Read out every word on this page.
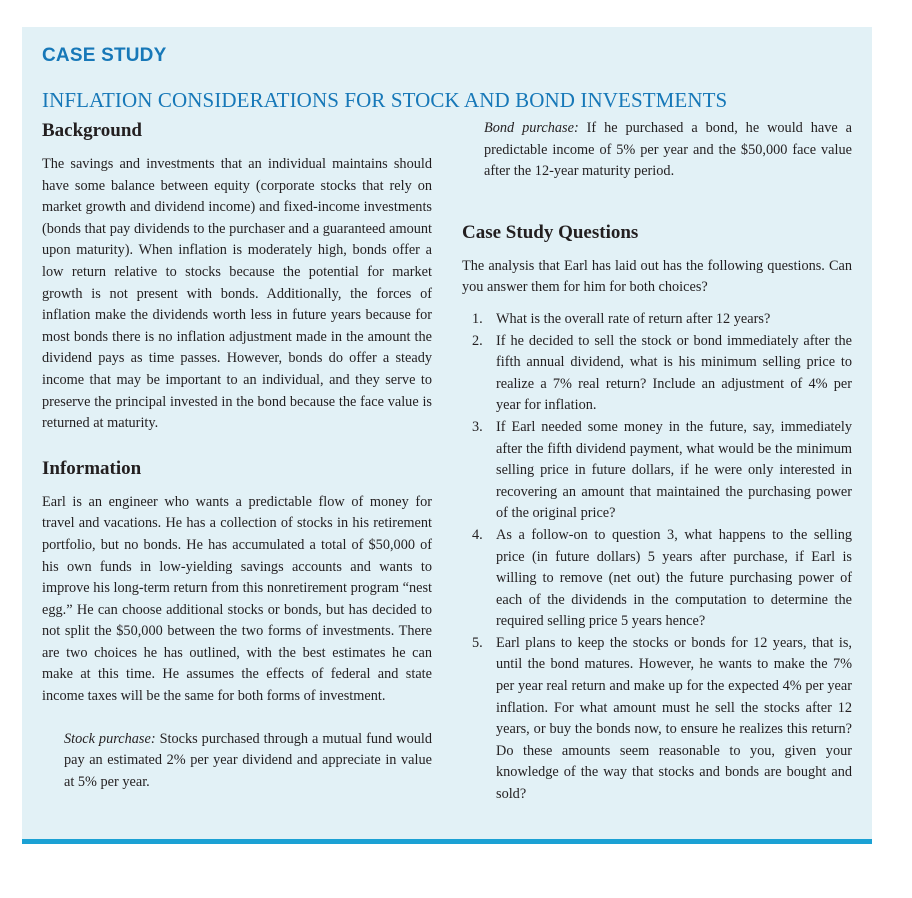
CASE STUDY
INFLATION CONSIDERATIONS FOR STOCK AND BOND INVESTMENTS
Background

The savings and investments that an individual maintains should have some balance between equity (corporate stocks that rely on market growth and dividend income) and fixed-income investments (bonds that pay dividends to the purchaser and a guaranteed amount upon maturity). When inflation is moderately high, bonds offer a low return relative to stocks because the potential for market growth is not present with bonds. Additionally, the forces of inflation make the dividends worth less in future years because for most bonds there is no inflation adjustment made in the amount the dividend pays as time passes. However, bonds do offer a steady income that may be important to an individual, and they serve to preserve the principal invested in the bond because the face value is returned at maturity.

Information

Earl is an engineer who wants a predictable flow of money for travel and vacations. He has a collection of stocks in his retirement portfolio, but no bonds. He has accumulated a total of $50,000 of his own funds in low-yielding savings accounts and wants to improve his long-term return from this nonretirement program “nest egg.” He can choose additional stocks or bonds, but has decided to not split the $50,000 between the two forms of investments. There are two choices he has outlined, with the best estimates he can make at this time. He assumes the effects of federal and state income taxes will be the same for both forms of investment.

Stock purchase: Stocks purchased through a mutual fund would pay an estimated 2% per year dividend and appreciate in value at 5% per year.

Bond purchase: If he purchased a bond, he would have a predictable income of 5% per year and the $50,000 face value after the 12-year maturity period.

Case Study Questions

The analysis that Earl has laid out has the following questions. Can you answer them for him for both choices?

1. What is the overall rate of return after 12 years?
2. If he decided to sell the stock or bond immediately after the fifth annual dividend, what is his minimum selling price to realize a 7% real return? Include an adjustment of 4% per year for inflation.
3. If Earl needed some money in the future, say, immediately after the fifth dividend payment, what would be the minimum selling price in future dollars, if he were only interested in recovering an amount that maintained the purchasing power of the original price?
4. As a follow-on to question 3, what happens to the selling price (in future dollars) 5 years after purchase, if Earl is willing to remove (net out) the future purchasing power of each of the dividends in the computation to determine the required selling price 5 years hence?
5. Earl plans to keep the stocks or bonds for 12 years, that is, until the bond matures. However, he wants to make the 7% per year real return and make up for the expected 4% per year inflation. For what amount must he sell the stocks after 12 years, or buy the bonds now, to ensure he realizes this return? Do these amounts seem reasonable to you, given your knowledge of the way that stocks and bonds are bought and sold?
